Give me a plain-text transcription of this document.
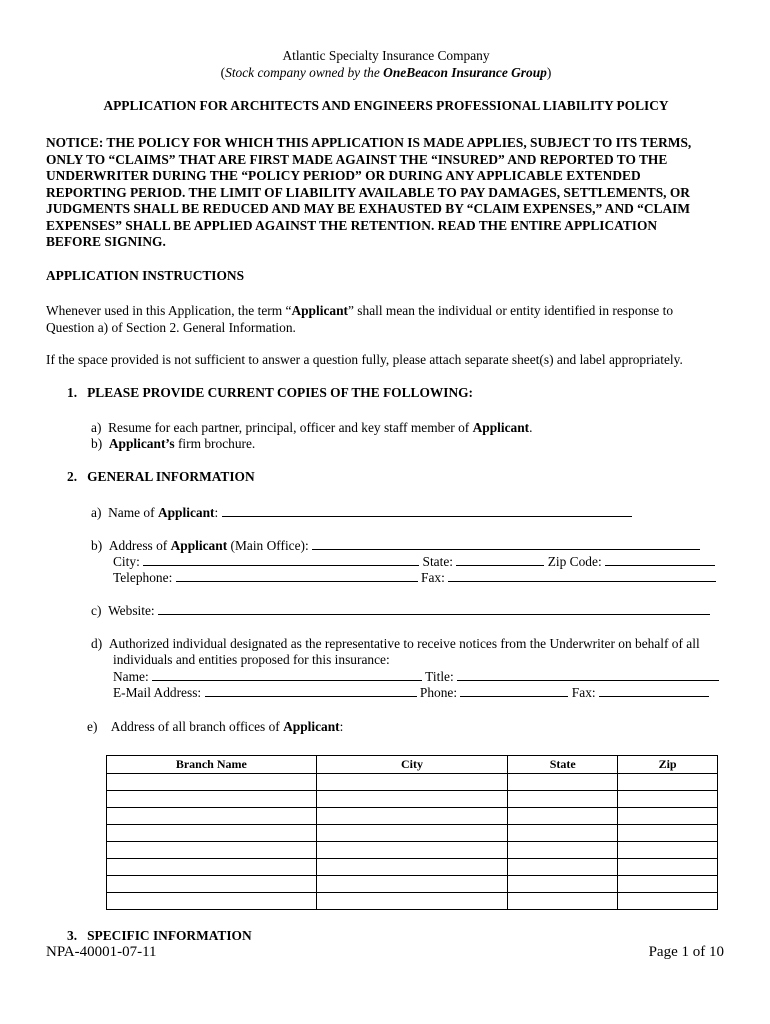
Atlantic Specialty Insurance Company
(Stock company owned by the OneBeacon Insurance Group)
APPLICATION FOR ARCHITECTS AND ENGINEERS PROFESSIONAL LIABILITY POLICY
NOTICE: THE POLICY FOR WHICH THIS APPLICATION IS MADE APPLIES, SUBJECT TO ITS TERMS,
ONLY TO “CLAIMS” THAT ARE FIRST MADE AGAINST THE “INSURED” AND REPORTED TO THE
UNDERWRITER DURING THE “POLICY PERIOD” OR DURING ANY APPLICABLE EXTENDED
REPORTING PERIOD. THE LIMIT OF LIABILITY AVAILABLE TO PAY DAMAGES, SETTLEMENTS, OR
JUDGMENTS SHALL BE REDUCED AND MAY BE EXHAUSTED BY “CLAIM EXPENSES,” AND “CLAIM
EXPENSES” SHALL BE APPLIED AGAINST THE RETENTION. READ THE ENTIRE APPLICATION
BEFORE SIGNING.
APPLICATION INSTRUCTIONS
Whenever used in this Application, the term “Applicant” shall mean the individual or entity identified in response to
Question a) of Section 2. General Information.
If the space provided is not sufficient to answer a question fully, please attach separate sheet(s) and label appropriately.
1. PLEASE PROVIDE CURRENT COPIES OF THE FOLLOWING:
a) Resume for each partner, principal, officer and key staff member of Applicant.
b) Applicant’s firm brochure.
2. GENERAL INFORMATION
a) Name of Applicant:
b) Address of Applicant (Main Office):
City:	State:	Zip Code:
Telephone:	Fax:
c) Website:
d) Authorized individual designated as the representative to receive notices from the Underwriter on behalf of all
individuals and entities proposed for this insurance:
Name:	Title:
E-Mail Address:	Phone:	Fax:
e) Address of all branch offices of Applicant:
Branch Name	City	State	Zip

3. SPECIFIC INFORMATION
NPA-40001-07-11	Page 1 of 10
